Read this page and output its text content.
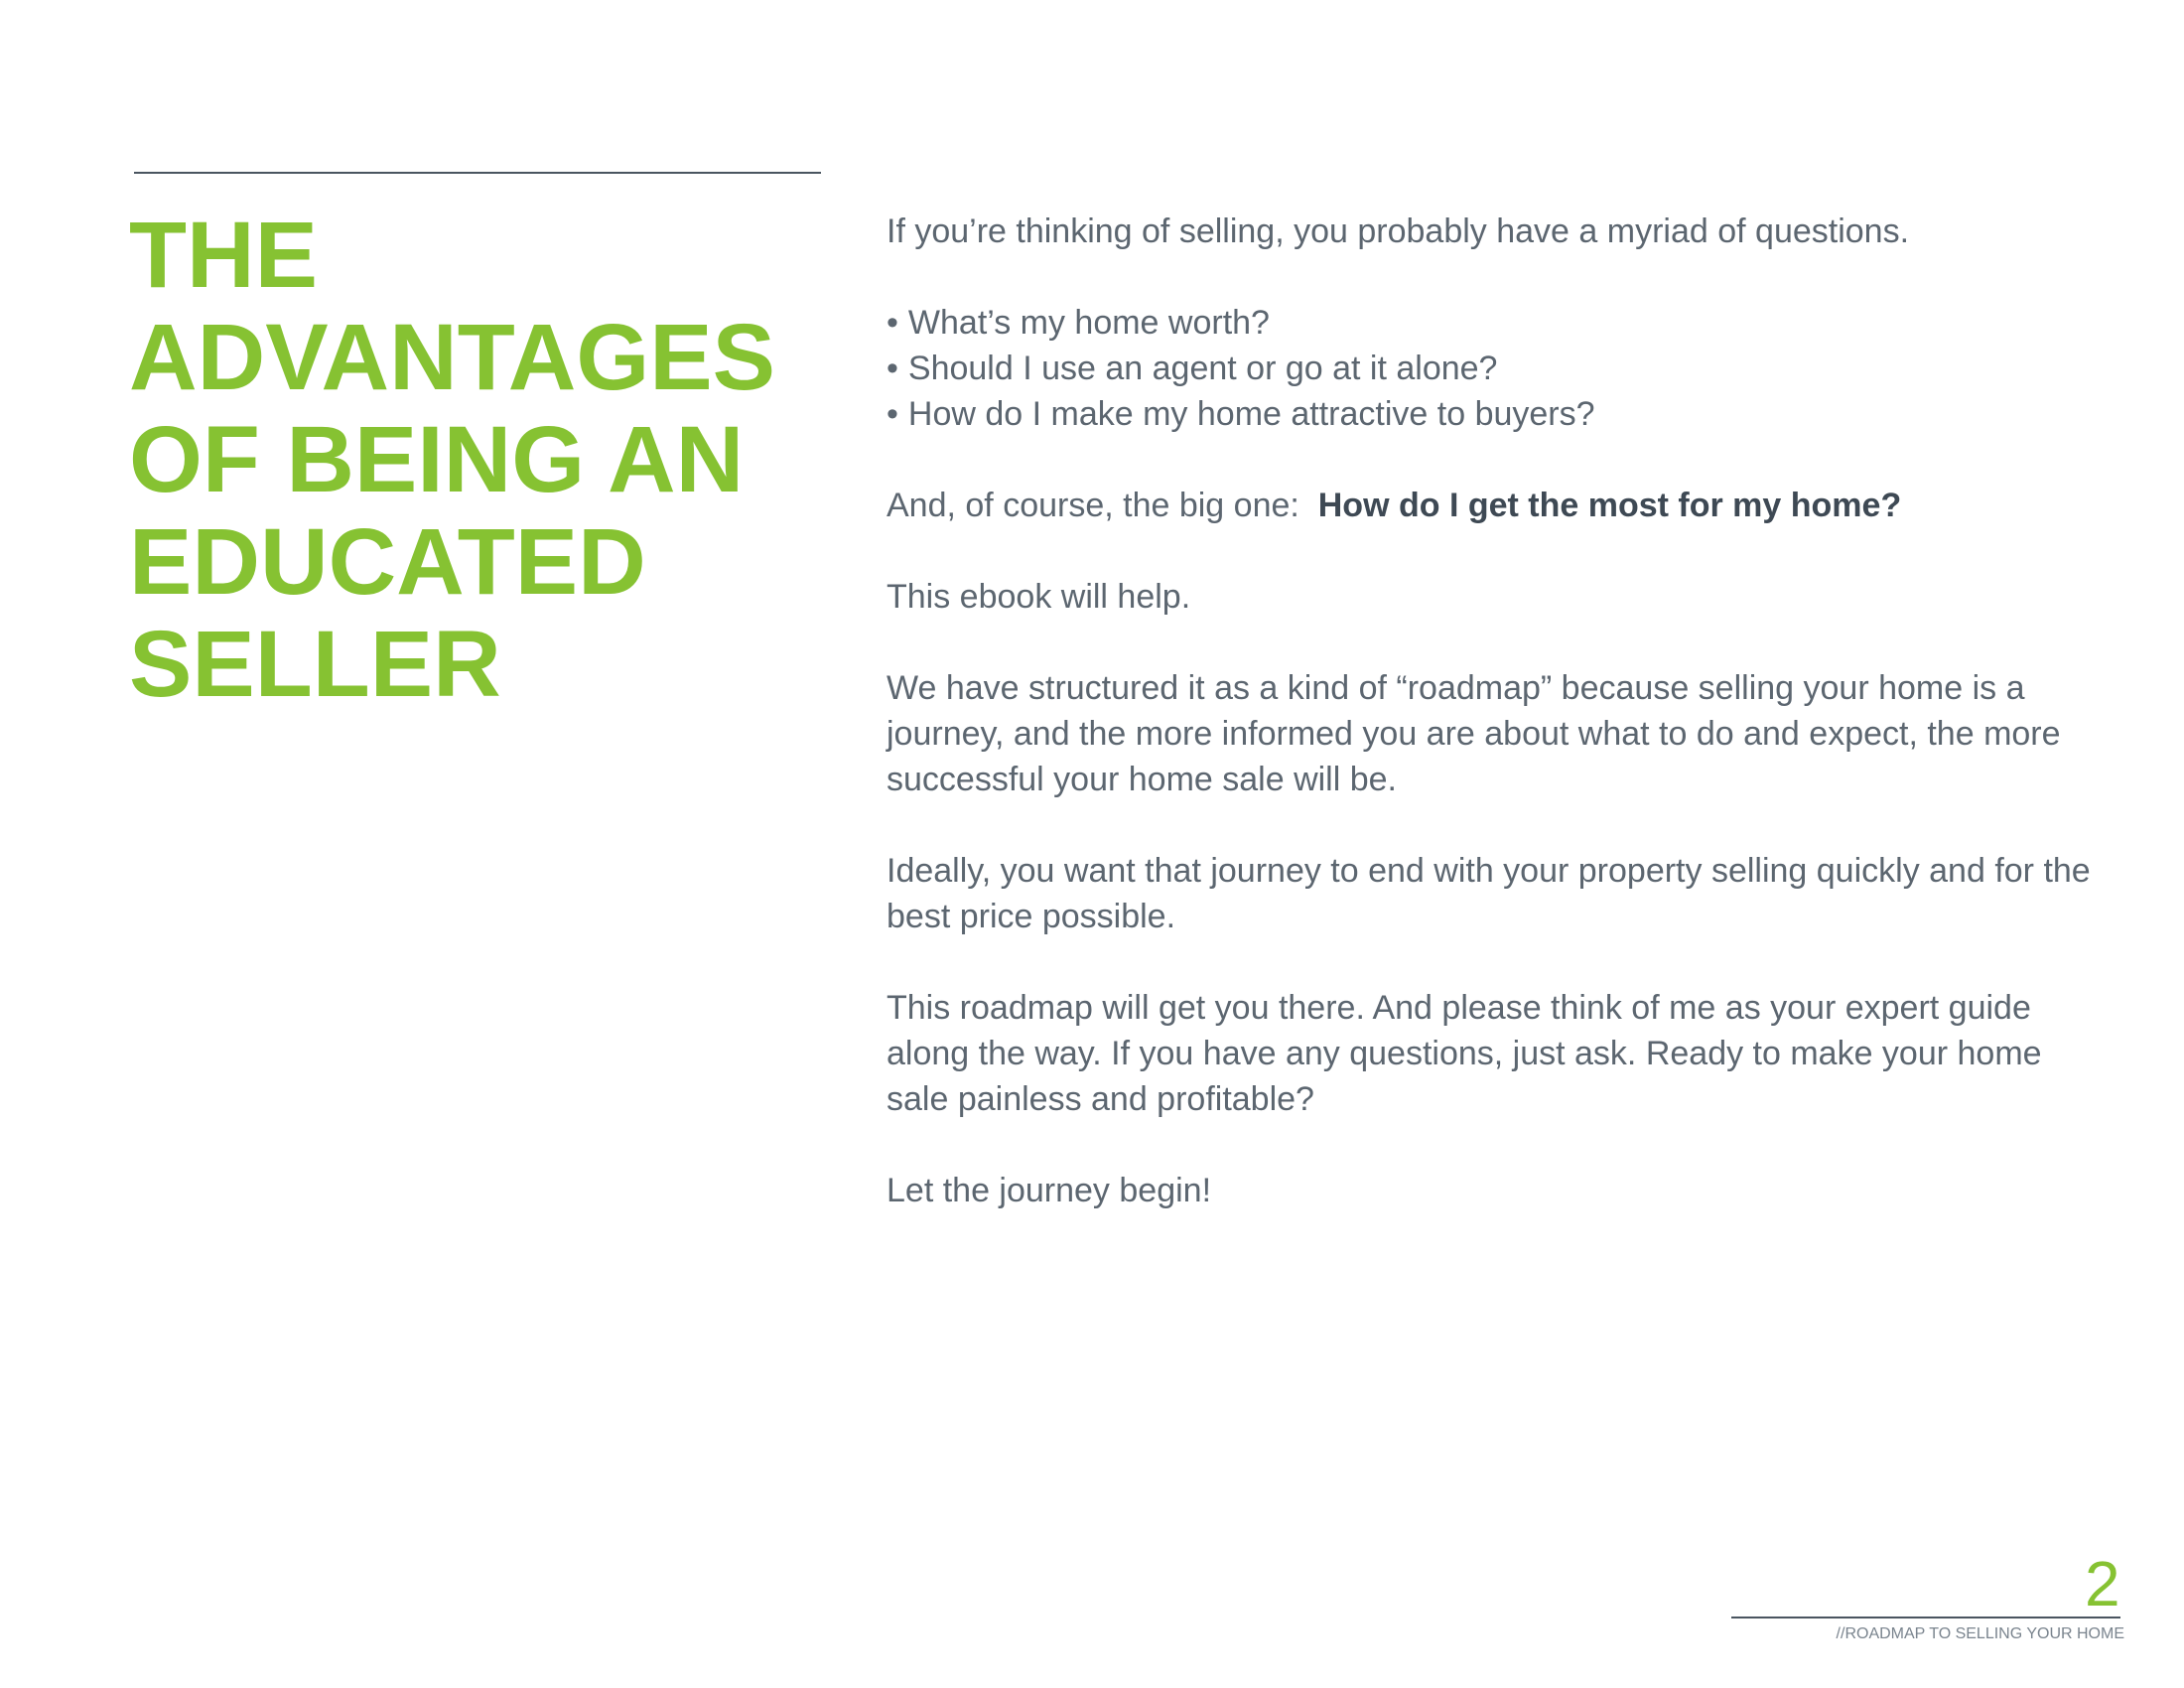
THE
ADVANTAGES
OF BEING AN
EDUCATED
SELLER

If you’re thinking of selling, you probably have a myriad of questions.

• What’s my home worth?
• Should I use an agent or go at it alone?
• How do I make my home attractive to buyers?

And, of course, the big one: How do I get the most for my home?

This ebook will help.

We have structured it as a kind of “roadmap” because selling your home is a journey, and the more informed you are about what to do and expect, the more successful your home sale will be.

Ideally, you want that journey to end with your property selling quickly and for the best price possible.

This roadmap will get you there. And please think of me as your expert guide along the way. If you have any questions, just ask. Ready to make your home sale painless and profitable?

Let the journey begin!

2
//ROADMAP TO SELLING YOUR HOME
